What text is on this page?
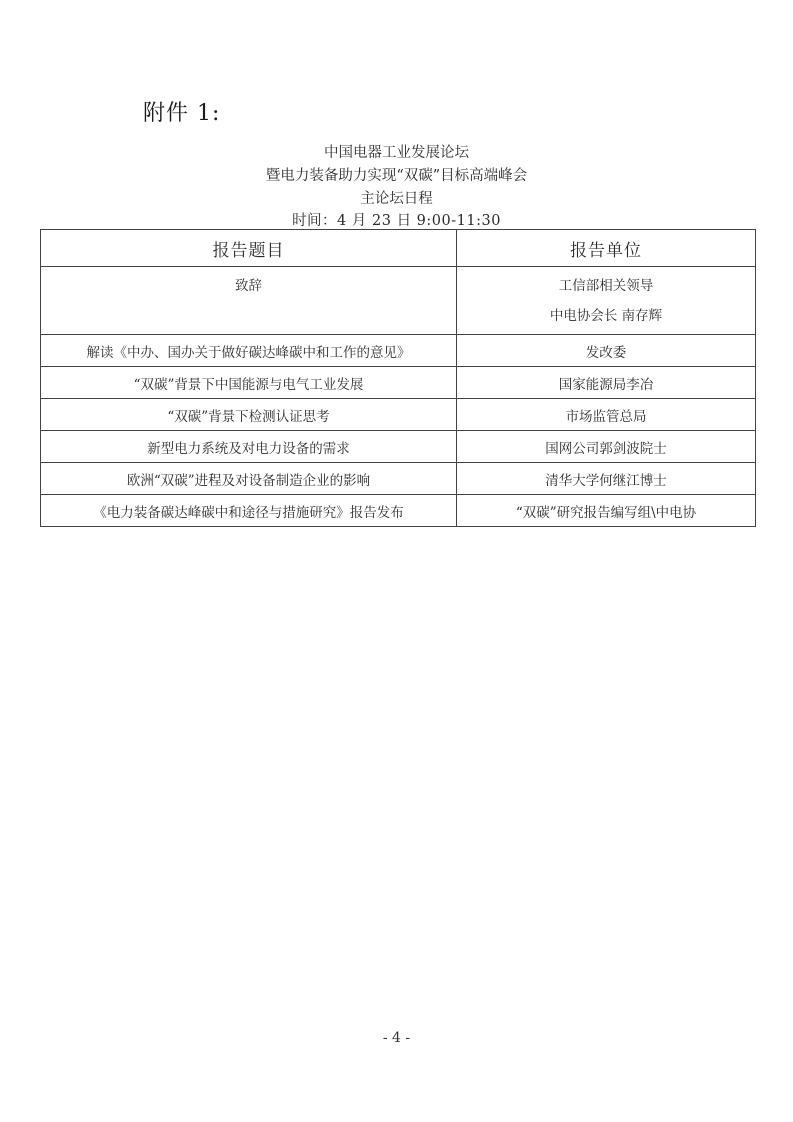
附件 1:
中国电器工业发展论坛
暨电力装备助力实现“双碳”目标高端峰会
主论坛日程
时间：4 月 23 日 9:00-11:30
报告题目	报告单位
致辞	工信部相关领导
中电协会长 南存辉

解读《中办、国办关于做好碳达峰碳中和工作的意见》	发改委
“双碳”背景下中国能源与电气工业发展	国家能源局李冶
“双碳”背景下检测认证思考	市场监管总局
新型电力系统及对电力设备的需求	国网公司郭剑波院士
欧洲“双碳”进程及对设备制造企业的影响	清华大学何继江博士
《电力装备碳达峰碳中和途径与措施研究》报告发布	“双碳”研究报告编写组\中电协
- 4 -
